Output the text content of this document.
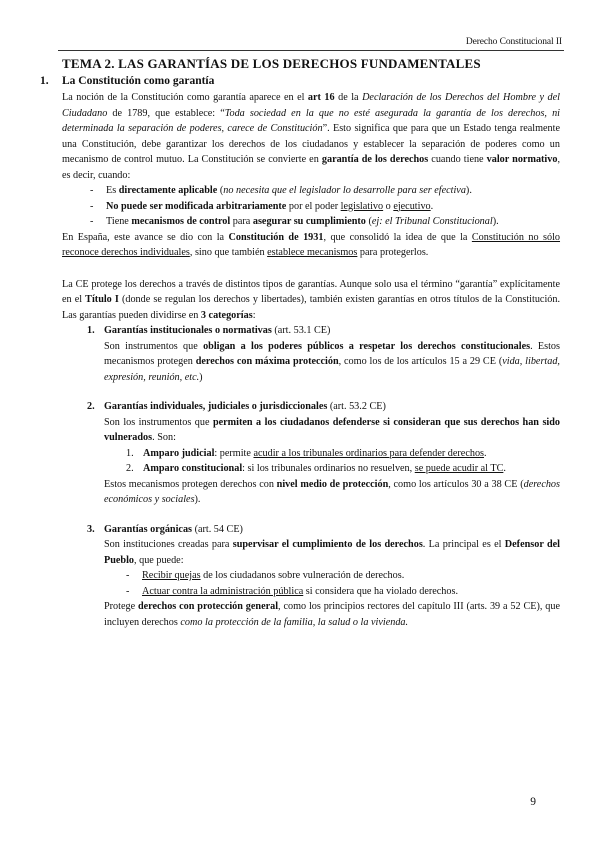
Derecho Constitucional II
TEMA 2. LAS GARANTÍAS DE LOS DERECHOS FUNDAMENTALES
1. La Constitución como garantía

La noción de la Constitución como garantía aparece en el art 16 de la Declaración de los Derechos del Hombre y del Ciudadano de 1789, que establece: “Toda sociedad en la que no esté asegurada la garantía de los derechos, ni determinada la separación de poderes, carece de Constitución”. Esto significa que para que un Estado tenga realmente una Constitución, debe garantizar los derechos de los ciudadanos y establecer la separación de poderes como un mecanismo de control mutuo. La Constitución se convierte en garantía de los derechos cuando tiene valor normativo, es decir, cuando:

- Es directamente aplicable (no necesita que el legislador lo desarrolle para ser efectiva).
- No puede ser modificada arbitrariamente por el poder legislativo o ejecutivo.
- Tiene mecanismos de control para asegurar su cumplimiento (ej: el Tribunal Constitucional).

En España, este avance se dio con la Constitución de 1931, que consolidó la idea de que la Constitución no sólo reconoce derechos individuales, sino que también establece mecanismos para protegerlos.

La CE protege los derechos a través de distintos tipos de garantías. Aunque solo usa el término “garantía” explícitamente en el Título I (donde se regulan los derechos y libertades), también existen garantías en otros títulos de la Constitución. Las garantías pueden dividirse en 3 categorías:

1. Garantías institucionales o normativas (art. 53.1 CE)

Son instrumentos que obligan a los poderes públicos a respetar los derechos constitucionales. Estos mecanismos protegen derechos con máxima protección, como los de los artículos 15 a 29 CE (vida, libertad, expresión, reunión, etc.)

2. Garantías individuales, judiciales o jurisdiccionales (art. 53.2 CE)

Son los instrumentos que permiten a los ciudadanos defenderse si consideran que sus derechos han sido vulnerados. Son:

1. Amparo judicial: permite acudir a los tribunales ordinarios para defender derechos.
2. Amparo constitucional: si los tribunales ordinarios no resuelven, se puede acudir al TC.

Estos mecanismos protegen derechos con nivel medio de protección, como los artículos 30 a 38 CE (derechos económicos y sociales).

3. Garantías orgánicas (art. 54 CE)

Son instituciones creadas para supervisar el cumplimiento de los derechos. La principal es el Defensor del Pueblo, que puede:

- Recibir quejas de los ciudadanos sobre vulneración de derechos.
- Actuar contra la administración pública si considera que ha violado derechos.

Protege derechos con protección general, como los principios rectores del capítulo III (arts. 39 a 52 CE), que incluyen derechos como la protección de la familia, la salud o la vivienda.

9
